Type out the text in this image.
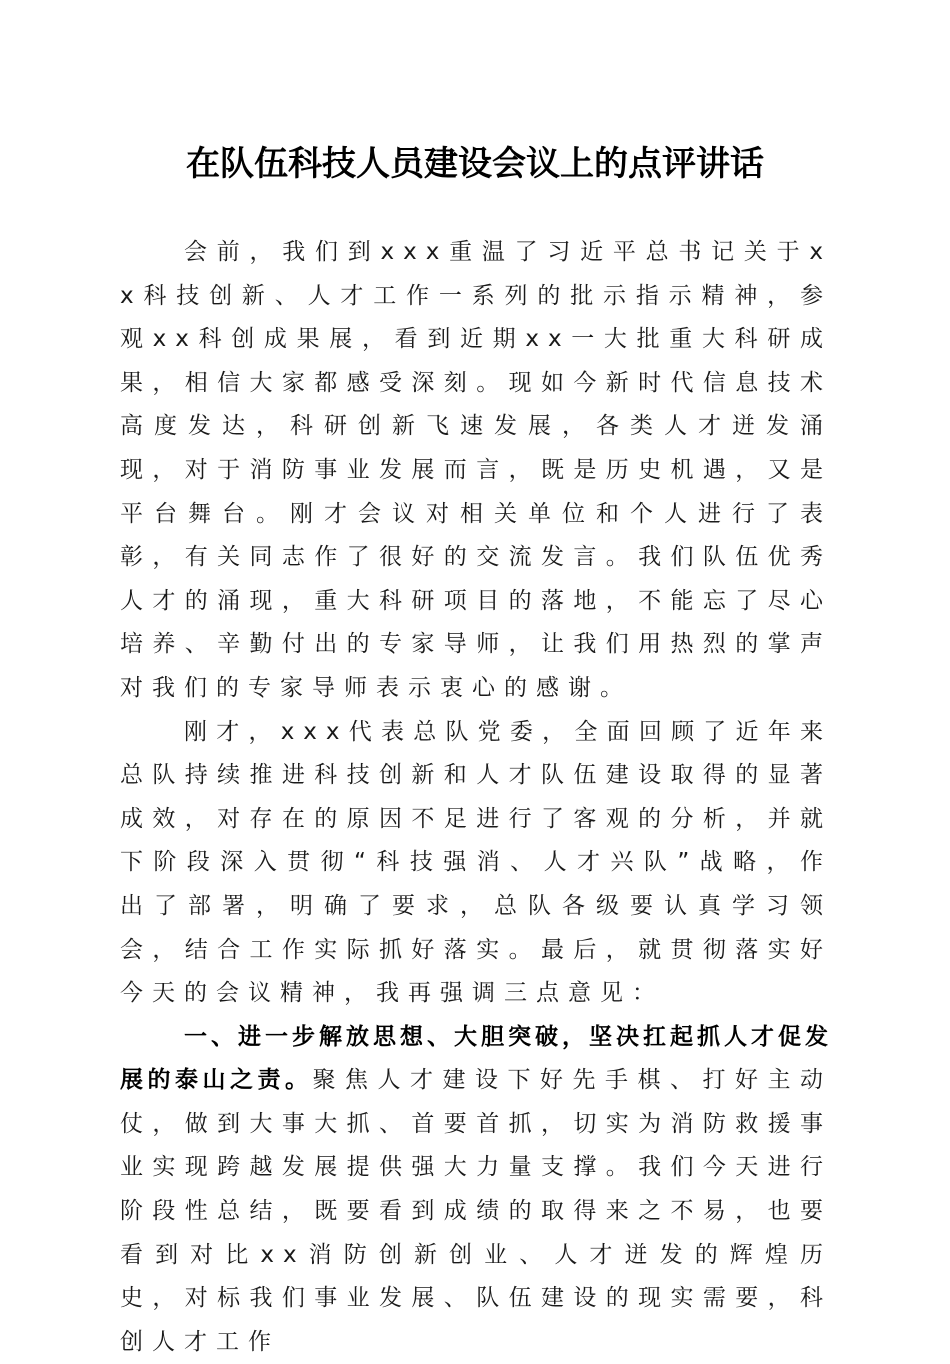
在队伍科技人员建设会议上的点评讲话

会前，我们到xxx重温了习近平总书记关于xx科技创新、人才工作一系列的批示指示精神，参观xx科创成果展，看到近期xx一大批重大科研成果，相信大家都感受深刻。现如今新时代信息技术高度发达，科研创新飞速发展，各类人才迸发涌现，对于消防事业发展而言，既是历史机遇，又是平台舞台。刚才会议对相关单位和个人进行了表彰，有关同志作了很好的交流发言。我们队伍优秀人才的涌现，重大科研项目的落地，不能忘了尽心培养、辛勤付出的专家导师，让我们用热烈的掌声对我们的专家导师表示衷心的感谢。

刚才，xxx代表总队党委，全面回顾了近年来总队持续推进科技创新和人才队伍建设取得的显著成效，对存在的原因不足进行了客观的分析，并就下阶段深入贯彻“科技强消、人才兴队”战略，作出了部署，明确了要求，总队各级要认真学习领会，结合工作实际抓好落实。最后，就贯彻落实好今天的会议精神，我再强调三点意见：

一、进一步解放思想、大胆突破，坚决扛起抓人才促发展的泰山之责。聚焦人才建设下好先手棋、打好主动仗，做到大事大抓、首要首抓，切实为消防救援事业实现跨越发展提供强大力量支撑。我们今天进行阶段性总结，既要看到成绩的取得来之不易，也要看到对比xx消防创新创业、人才迸发的辉煌历史，对标我们事业发展、队伍建设的现实需要，科创人才工作
